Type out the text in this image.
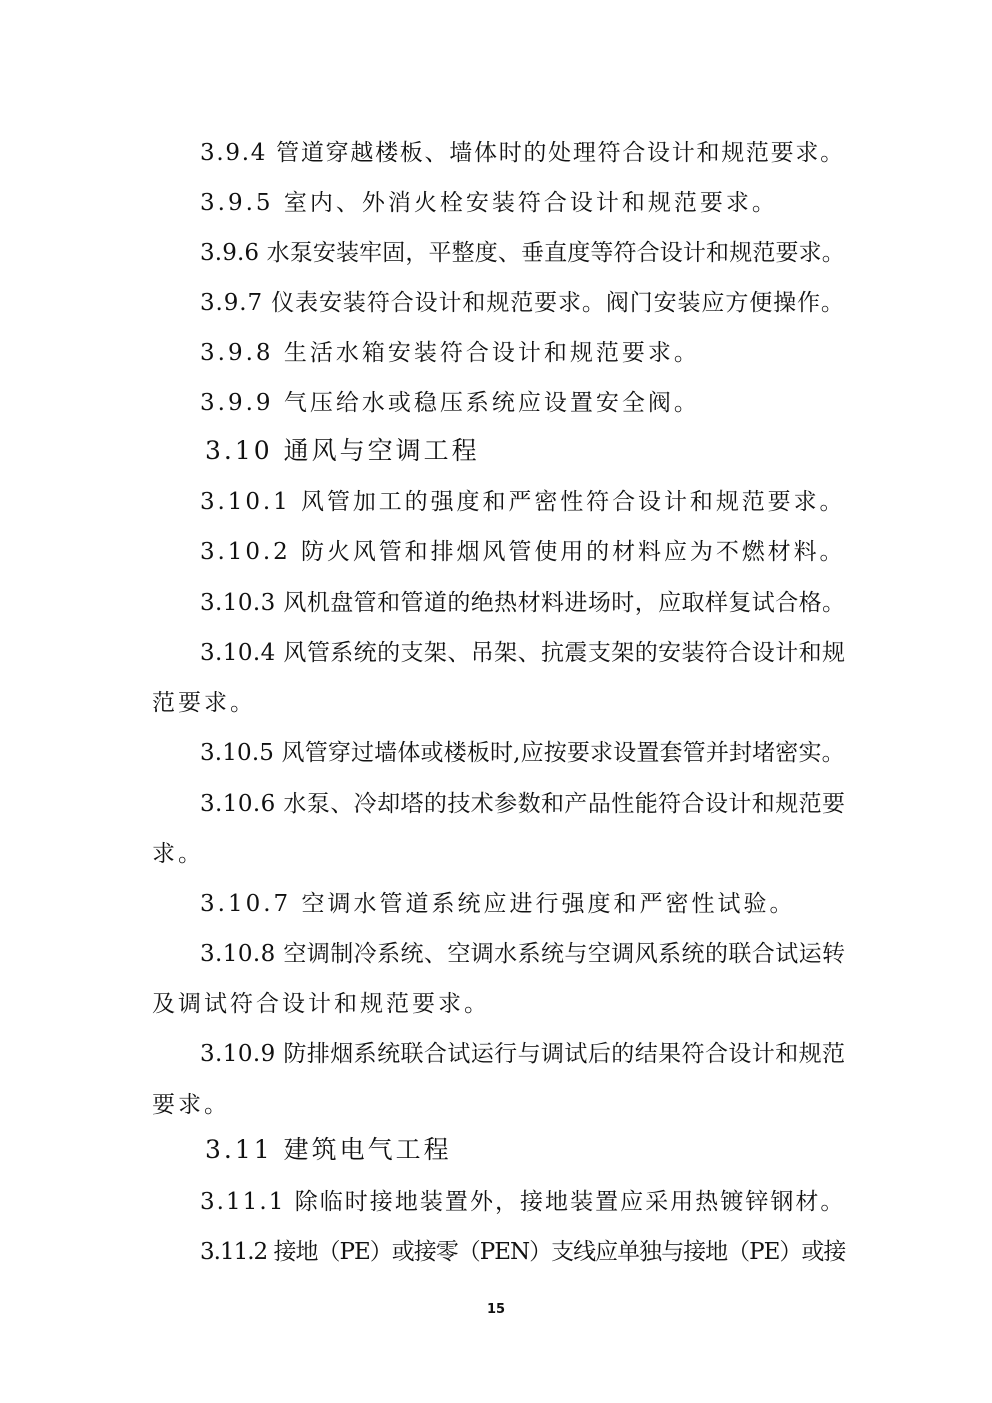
3.9.4 管道穿越楼板、墙体时的处理符合设计和规范要求。
3.9.5 室内、外消火栓安装符合设计和规范要求。
3.9.6 水泵安装牢固，平整度、垂直度等符合设计和规范要求。
3.9.7 仪表安装符合设计和规范要求。阀门安装应方便操作。
3.9.8 生活水箱安装符合设计和规范要求。
3.9.9 气压给水或稳压系统应设置安全阀。
3.10 通风与空调工程
3.10.1 风管加工的强度和严密性符合设计和规范要求。
3.10.2 防火风管和排烟风管使用的材料应为不燃材料。
3.10.3 风机盘管和管道的绝热材料进场时，应取样复试合格。
3.10.4 风管系统的支架、吊架、抗震支架的安装符合设计和规
范要求。
3.10.5 风管穿过墙体或楼板时,应按要求设置套管并封堵密实。
3.10.6 水泵、冷却塔的技术参数和产品性能符合设计和规范要
求。
3.10.7 空调水管道系统应进行强度和严密性试验。
3.10.8 空调制冷系统、空调水系统与空调风系统的联合试运转
及调试符合设计和规范要求。
3.10.9 防排烟系统联合试运行与调试后的结果符合设计和规范
要求。
3.11 建筑电气工程
3.11.1 除临时接地装置外，接地装置应采用热镀锌钢材。
3.11.2 接地（PE）或接零（PEN）支线应单独与接地（PE）或接
15
